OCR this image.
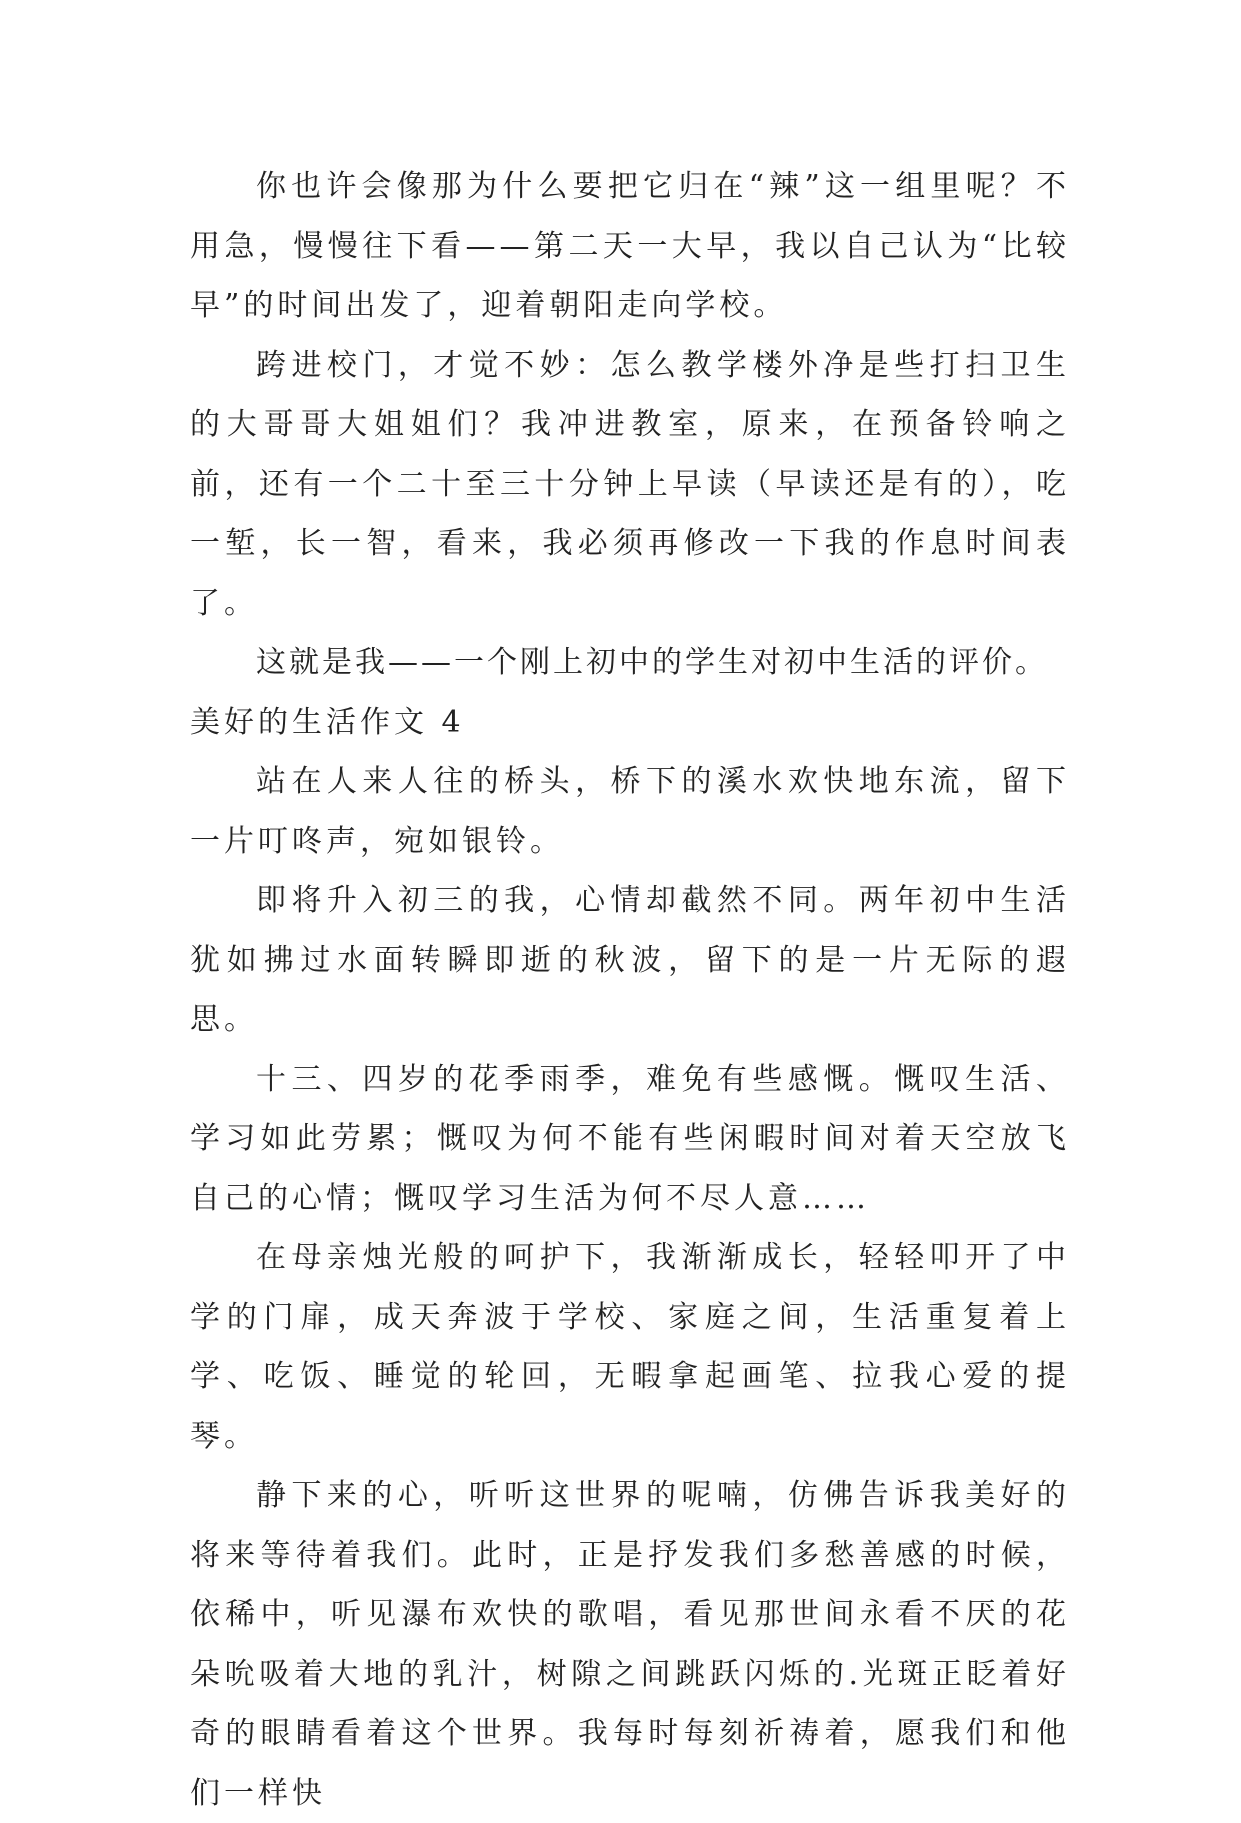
你也许会像那为什么要把它归在“辣”这一组里呢？不用急，慢慢往下看——第二天一大早，我以自己认为“比较早”的时间出发了，迎着朝阳走向学校。

跨进校门，才觉不妙：怎么教学楼外净是些打扫卫生的大哥哥大姐姐们？我冲进教室，原来，在预备铃响之前，还有一个二十至三十分钟上早读（早读还是有的），吃一堑，长一智，看来，我必须再修改一下我的作息时间表了。

这就是我——一个刚上初中的学生对初中生活的评价。

美好的生活作文 4

站在人来人往的桥头，桥下的溪水欢快地东流，留下一片叮咚声，宛如银铃。

即将升入初三的我，心情却截然不同。两年初中生活犹如拂过水面转瞬即逝的秋波，留下的是一片无际的遐思。

十三、四岁的花季雨季，难免有些感慨。慨叹生活、学习如此劳累；慨叹为何不能有些闲暇时间对着天空放飞自己的心情；慨叹学习生活为何不尽人意……

在母亲烛光般的呵护下，我渐渐成长，轻轻叩开了中学的门扉，成天奔波于学校、家庭之间，生活重复着上学、吃饭、睡觉的轮回，无暇拿起画笔、拉我心爱的提琴。

静下来的心，听听这世界的呢喃，仿佛告诉我美好的将来等待着我们。此时，正是抒发我们多愁善感的时候，依稀中，听见瀑布欢快的歌唱，看见那世间永看不厌的花朵吮吸着大地的乳汁，树隙之间跳跃闪烁的.光斑正眨着好奇的眼睛看着这个世界。我每时每刻祈祷着，愿我们和他们一样快
